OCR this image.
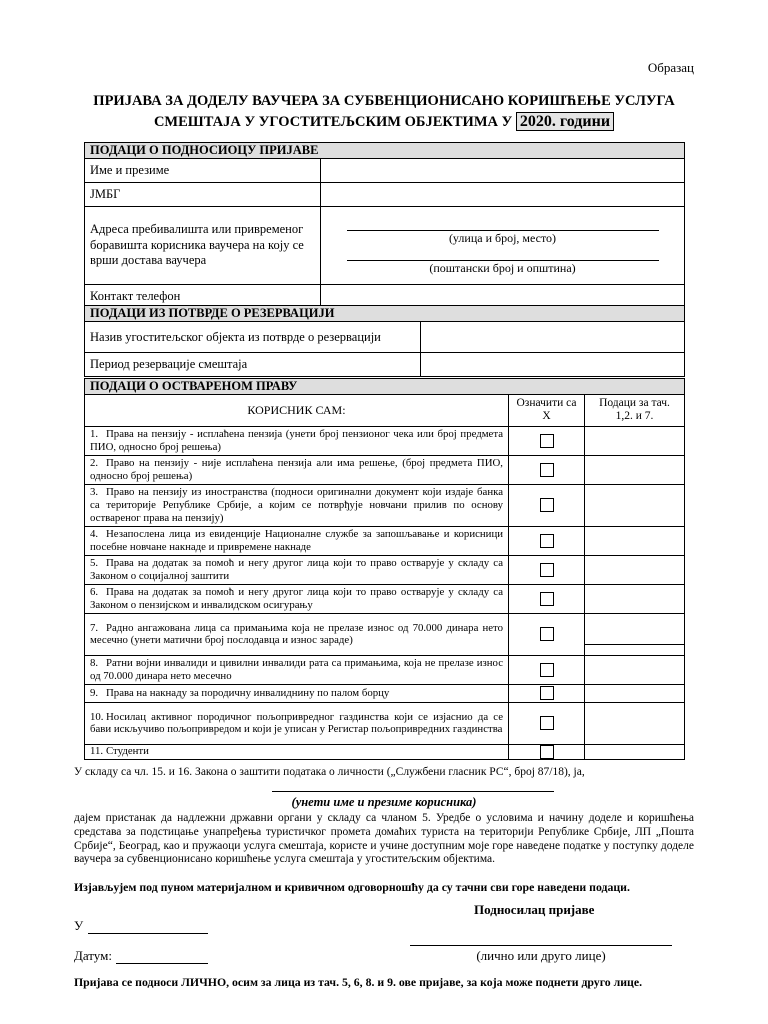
Образац
ПРИЈАВА ЗА ДОДЕЛУ ВАУЧЕРА ЗА СУБВЕНЦИОНИСАНО КОРИШЋЕЊЕ УСЛУГА
СМЕШТАЈА У УГОСТИТЕЉСКИМ ОБЈЕКТИМА У 2020. години
ПОДАЦИ О ПОДНОСИОЦУ ПРИЈАВЕ	
Име и презиме	
ЈМБГ	
Адреса пребивалишта или привременог боравишта корисника ваучера на коју се врши достава ваучера	(улица и број, место)
(поштански број и општина)
Контакт телефон	
ПОДАЦИ ИЗ ПОТВРДЕ О РЕЗЕРВАЦИЈИ	
Назив угоститељског објекта из потврде о резервацији	
Период резервације смештаја	
ПОДАЦИ О ОСТВАРЕНОМ ПРАВУ		
КОРИСНИК САМ:	Означити са Х	Подаци за тач. 1,2. и 7.
1. Права на пензију - исплаћена пензија (унети број пензионог чека или број предмета ПИО, односно број решења)	

2. Право на пензију - није исплаћена пензија али има решење, (број предмета ПИО, односно број решења)	

3. Право на пензију из иностранства (подноси оригинални документ који издаје банка са територије Републике Србије, а којим се потврђује новчани прилив по основу оствареног права на пензију)	

4. Незапослена лица из евиденције Националне службе за запошљавање и корисници посебне новчане накнаде и привремене накнаде	

5. Права на додатак за помоћ и негу другог лица који то право остварује у складу са Законом о социјалној заштити	

6. Права на додатак за помоћ и негу другог лица који то право остварује у складу са Законом о пензијском и инвалидском осигурању	

7. Радно ангажована лица са примањима која не прелазе износ од 70.000 динара нето месечно (унети матични број послодавца и износ зараде)	

8. Ратни војни инвалиди и цивилни инвалиди рата са примањима, која не прелазе износ од 70.000 динара нето месечно	

9. Права на накнаду за породичну инвалиднину по палом борцу	

10. Носилац активног породичног пољопривредног газдинства који се изјаснио да се бави искључиво пољопривредом и који је уписан у Регистар пољопривредних газдинства	

11. Студенти	

У складу са чл. 15. и 16. Закона о заштити података о личности („Службени гласник РС“, број 87/18), ја,
(унети име и презиме корисника)
дајем пристанак да надлежни државни органи у складу са чланом 5. Уредбе о условима и начину доделе и коришћења средстава за подстицање унапређења туристичког промета домаћих туриста на територији Републике Србије, ЛП „Пошта Србије“, Београд, као и пружаоци услуга смештаја, користе и учине доступним моје горе наведене податке у поступку доделе ваучера за субвенционисано коришћење услуга смештаја у угоститељским објектима.
Изјављујем под пуном материјалном и кривичном одговорношћу да су тачни сви горе наведени подаци.
Подносилац пријаве
У
Датум:	(лично или друго лице)
Пријава се подноси ЛИЧНО, осим за лица из тач. 5, 6, 8. и 9. ове пријаве, за која може поднети друго лице.
